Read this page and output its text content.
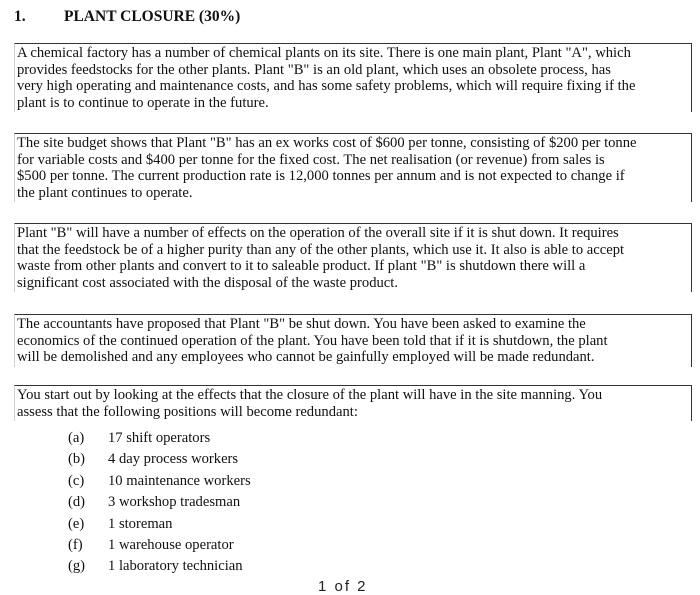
1. PLANT CLOSURE (30%)
A chemical factory has a number of chemical plants on its site. There is one main plant, Plant "A", which
provides feedstocks for the other plants. Plant "B" is an old plant, which uses an obsolete process, has
very high operating and maintenance costs, and has some safety problems, which will require fixing if the
plant is to continue to operate in the future.
The site budget shows that Plant "B" has an ex works cost of $600 per tonne, consisting of $200 per tonne
for variable costs and $400 per tonne for the fixed cost. The net realisation (or revenue) from sales is
$500 per tonne. The current production rate is 12,000 tonnes per annum and is not expected to change if
the plant continues to operate.
Plant "B" will have a number of effects on the operation of the overall site if it is shut down. It requires
that the feedstock be of a higher purity than any of the other plants, which use it. It also is able to accept
waste from other plants and convert to it to saleable product. If plant "B" is shutdown there will a
significant cost associated with the disposal of the waste product.
The accountants have proposed that Plant "B" be shut down. You have been asked to examine the
economics of the continued operation of the plant. You have been told that if it is shutdown, the plant
will be demolished and any employees who cannot be gainfully employed will be made redundant.
You start out by looking at the effects that the closure of the plant will have in the site manning. You
assess that the following positions will become redundant:
(a) 17 shift operators
(b) 4 day process workers
(c) 10 maintenance workers
(d) 3 workshop tradesman
(e) 1 storeman
(f) 1 warehouse operator
(g) 1 laboratory technician
1 of 2
